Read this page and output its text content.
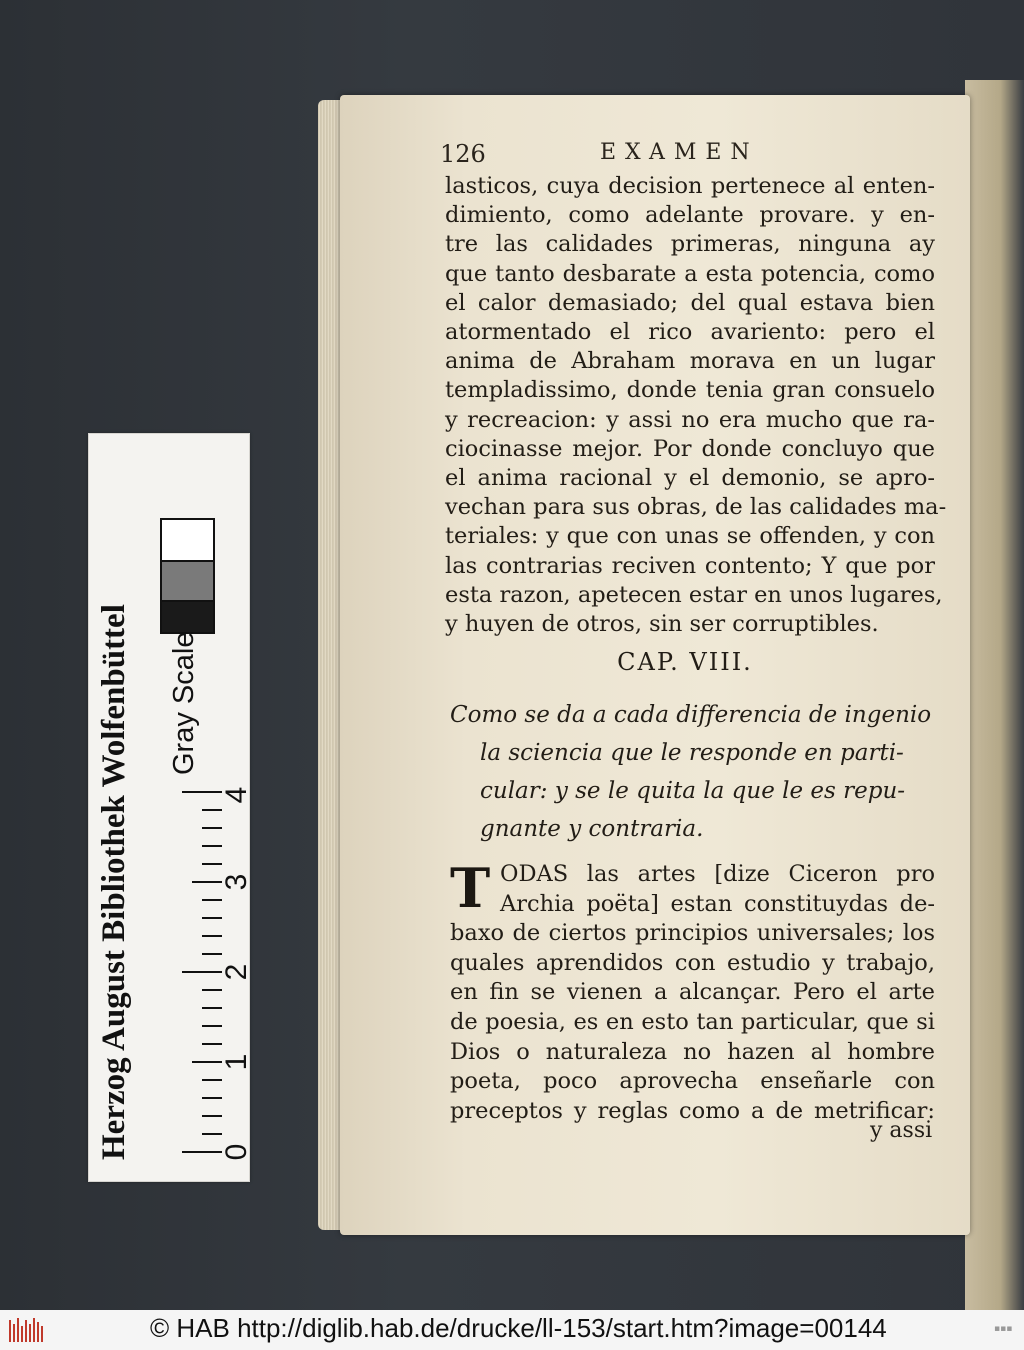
126	EXAMEN
lasticos, cuya decision pertenece al enten-
dimiento, como adelante provare. y en-
tre las calidades primeras, ninguna ay
que tanto desbarate a esta potencia, como
el calor demasiado; del qual estava bien
atormentado el rico avariento: pero el
anima de Abraham morava en un lugar
templadissimo, donde tenia gran consuelo
y recreacion: y assi no era mucho que ra-
ciocinasse mejor. Por donde concluyo que
el anima racional y el demonio, se apro-
vechan para sus obras, de las calidades ma-
teriales: y que con unas se offenden, y con
las contrarias reciven contento; Y que por
esta razon, apetecen estar en unos lugares,
y huyen de otros, sin ser corruptibles.
CAP. VIII.
Como se da a cada differencia de ingenio
la sciencia que le responde en parti-
cular: y se le quita la que le es repu-
gnante y contraria.
T ODAS las artes [dize Ciceron pro
Archia poëta] estan constituydas de-
baxo de ciertos principios universales; los
quales aprendidos con estudio y trabajo,
en fin se vienen a alcançar. Pero el arte
de poesia, es en esto tan particular, que si
Dios o naturaleza no hazen al hombre
poeta, poco aprovecha enseñarle con
preceptos y reglas como a de metrificar:
y assi
Herzog August Bibliothek Wolfenbüttel Gray Scale
0
1
2
3
4
© HAB http://diglib.hab.de/drucke/ll-153/start.htm?image=00144	▪▪▪
